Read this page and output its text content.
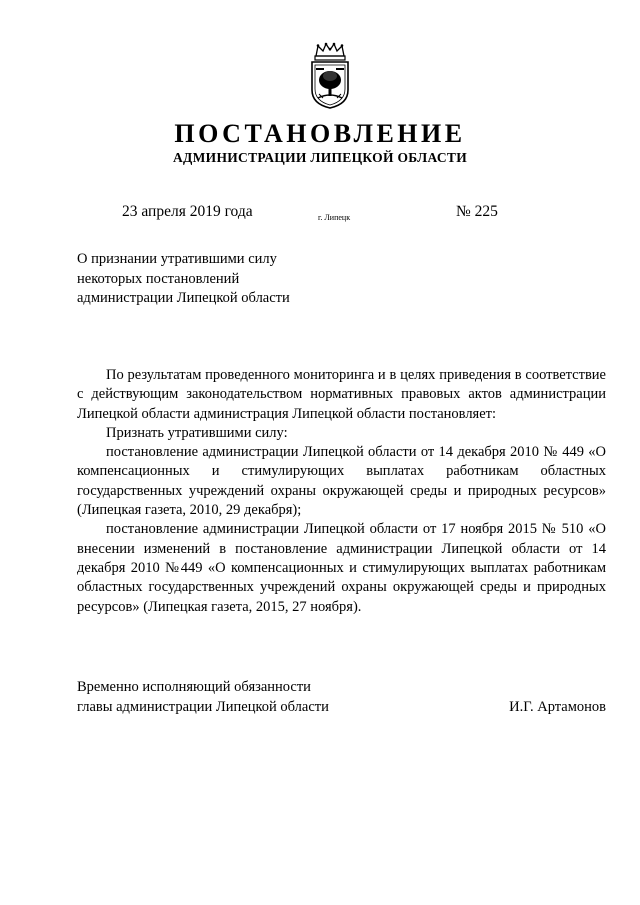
ПОСТАНОВЛЕНИЕ
АДМИНИСТРАЦИИ ЛИПЕЦКОЙ ОБЛАСТИ
23 апреля 2019 года	г. Липецк	№ 225
О признании утратившими силу
некоторых постановлений
администрации Липецкой области

По результатам проведенного мониторинга и в целях приведения в соответствие с действующим законодательством нормативных правовых актов администрации Липецкой области администрация Липецкой области постановляет:

Признать утратившими силу:

постановление администрации Липецкой области от 14 декабря 2010 № 449 «О компенсационных и стимулирующих выплатах работникам областных государственных учреждений охраны окружающей среды и природных ресурсов» (Липецкая газета, 2010, 29 декабря);

постановление администрации Липецкой области от 17 ноября 2015 № 510 «О внесении изменений в постановление администрации Липецкой области от 14 декабря 2010 №449 «О компенсационных и стимулирующих выплатах работникам областных государственных учреждений охраны окружающей среды и природных ресурсов» (Липецкая газета, 2015, 27 ноября).

Временно исполняющий обязанности
главы администрации Липецкой области	И.Г. Артамонов
